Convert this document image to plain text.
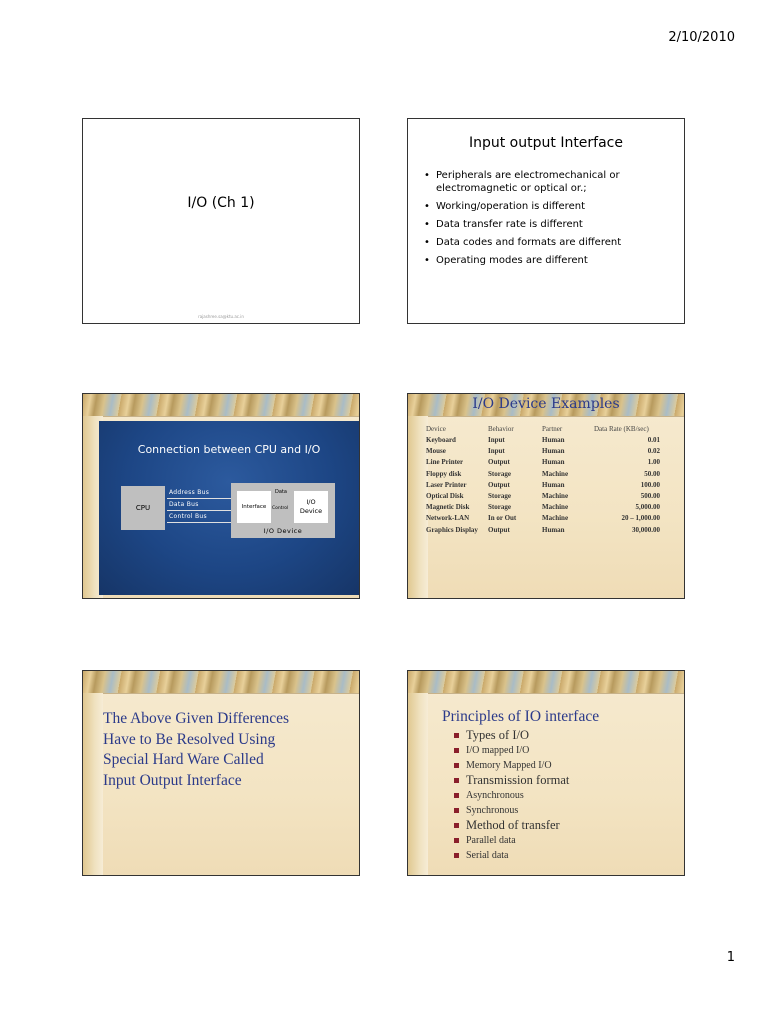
2/10/2010
I/O (Ch 1)
rajashree.sa@ktu.ac.in
Input output Interface
• Peripherals are electromechanical or electromagnetic or optical or.;
• Working/operation is different
• Data transfer rate is different
• Data codes and formats are different
• Operating modes are different
Connection between CPU and I/O
CPU
Address Bus
Data Bus
Control Bus
Interface
Data
Control
I/O
Device
I/O Device
I/O Device Examples
Device	Behavior	Partner	Data Rate (KB/sec)
Keyboard	Input	Human	0.01
Mouse	Input	Human	0.02
Line Printer	Output	Human	1.00
Floppy disk	Storage	Machine	50.00
Laser Printer	Output	Human	100.00
Optical Disk	Storage	Machine	500.00
Magnetic Disk	Storage	Machine	5,000.00
Network-LAN	In or Out	Machine	20 – 1,000.00
Graphics Display	Output	Human	30,000.00
The Above Given Differences
Have to Be Resolved Using
Special Hard Ware Called
Input Output Interface
Principles of IO interface
Types of I/O
I/O mapped I/O
Memory Mapped I/O
Transmission format
Asynchronous
Synchronous
Method of transfer
Parallel data
Serial data
1
